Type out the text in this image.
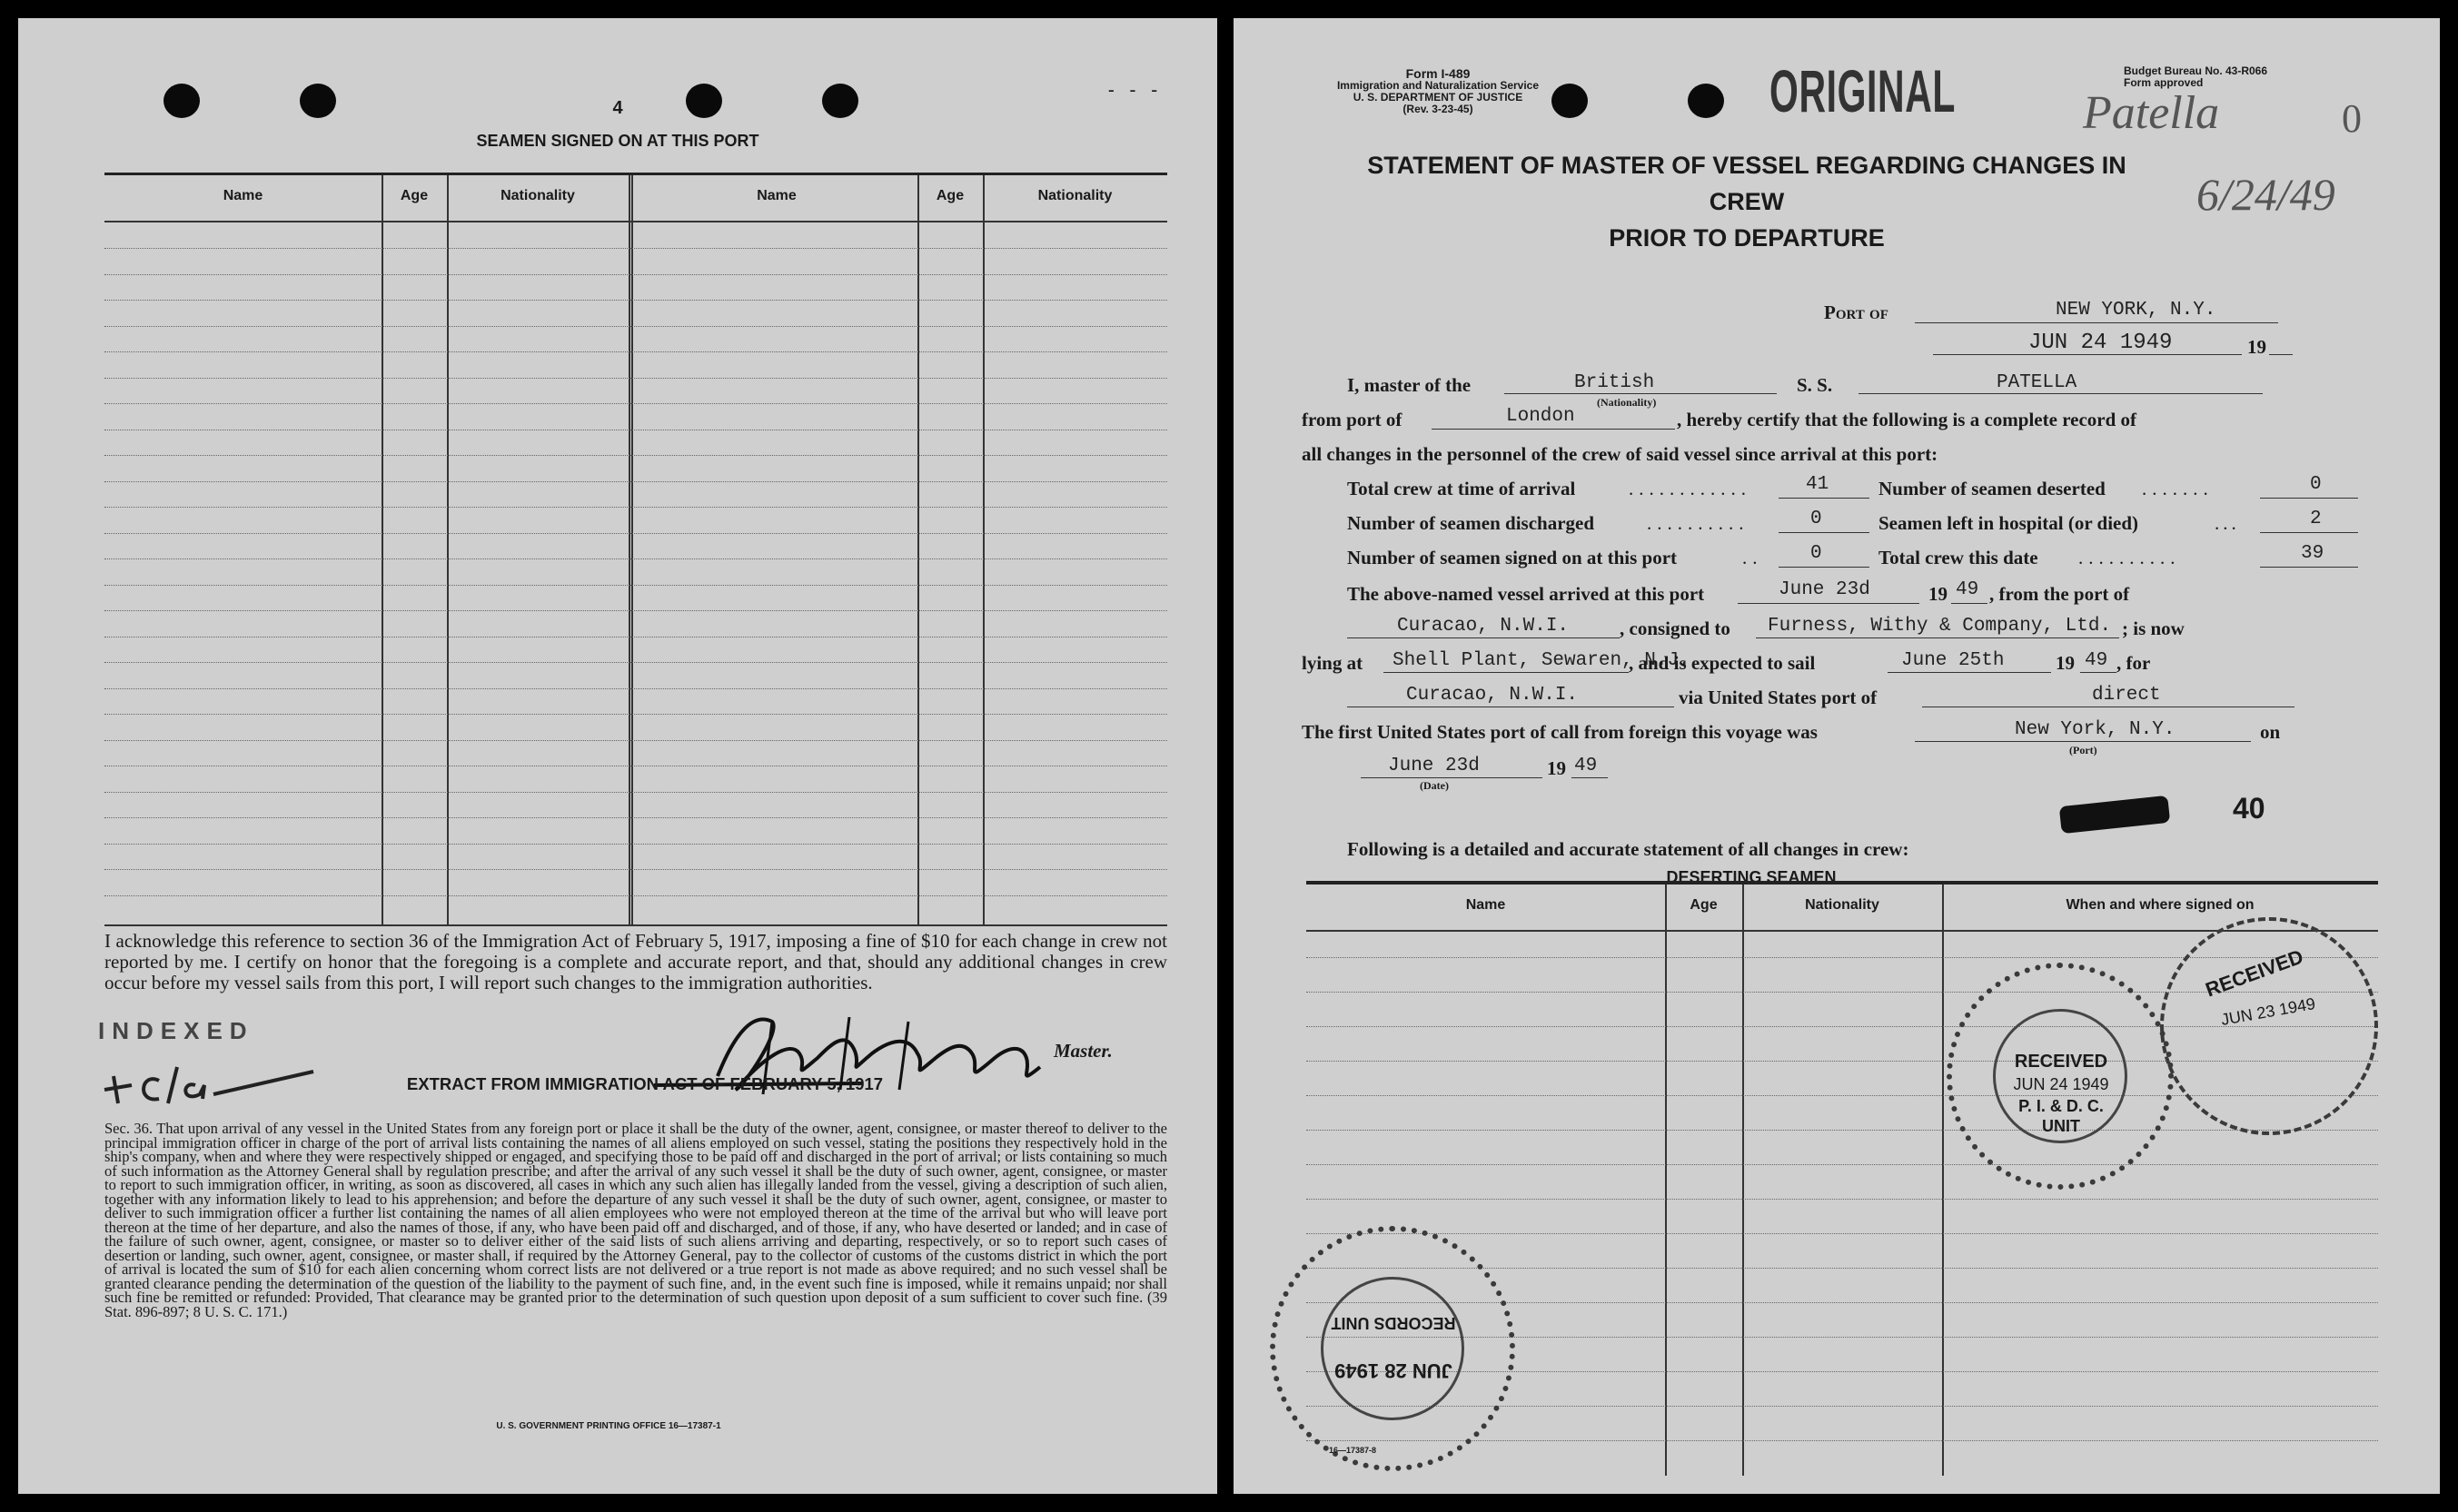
- - -
4
SEAMEN SIGNED ON AT THIS PORT
Name	Age	Nationality	Name	Age	Nationality
I acknowledge this reference to section 36 of the Immigration Act of February 5, 1917, imposing a fine of $10 for each change in crew not reported by me. I certify on honor that the foregoing is a complete and accurate report, and that, should any additional changes in crew occur before my vessel sails from this port, I will report such changes to the immigration authorities.
Master.
INDEXED
EXTRACT FROM IMMIGRATION ACT OF FEBRUARY 5, 1917
Sec. 36. That upon arrival of any vessel in the United States from any foreign port or place it shall be the duty of the owner, agent, consignee, or master thereof to deliver to the principal immigration officer in charge of the port of arrival lists containing the names of all aliens employed on such vessel, stating the positions they respectively hold in the ship's company, when and where they were respectively shipped or engaged, and specifying those to be paid off and discharged in the port of arrival; or lists containing so much of such information as the Attorney General shall by regulation prescribe; and after the arrival of any such vessel it shall be the duty of such owner, agent, consignee, or master to report to such immigration officer, in writing, as soon as discovered, all cases in which any such alien has illegally landed from the vessel, giving a description of such alien, together with any information likely to lead to his apprehension; and before the departure of any such vessel it shall be the duty of such owner, agent, consignee, or master to deliver to such immigration officer a further list containing the names of all alien employees who were not employed thereon at the time of the arrival but who will leave port thereon at the time of her departure, and also the names of those, if any, who have been paid off and discharged, and of those, if any, who have deserted or landed; and in case of the failure of such owner, agent, consignee, or master so to deliver either of the said lists of such aliens arriving and departing, respectively, or so to report such cases of desertion or landing, such owner, agent, consignee, or master shall, if required by the Attorney General, pay to the collector of customs of the customs district in which the port of arrival is located the sum of $10 for each alien concerning whom correct lists are not delivered or a true report is not made as above required; and no such vessel shall be granted clearance pending the determination of the question of the liability to the payment of such fine, and, in the event such fine is imposed, while it remains unpaid; nor shall such fine be remitted or refunded: Provided, That clearance may be granted prior to the determination of such question upon deposit of a sum sufficient to cover such fine. (39 Stat. 896-897; 8 U. S. C. 171.)
U. S. GOVERNMENT PRINTING OFFICE 16—17387-1
Form I-489
Immigration and Naturalization Service
U. S. DEPARTMENT OF JUSTICE
(Rev. 3-23-45)	ORIGINAL	Budget Bureau No. 43-R066
Form approved
Patella	0
6/24/49
STATEMENT OF MASTER OF VESSEL REGARDING CHANGES IN CREW
PRIOR TO DEPARTURE
Port of	NEW YORK, N.Y.
JUN 24 1949	19
I, master of the	British
(Nationality)
S. S.	PATELLA
from port of	London	, hereby certify that the following is a complete record of
all changes in the personnel of the crew of said vessel since arrival at this port:
Total crew at time of arrival	............	41	Number of seamen deserted .......	0
Number of seamen discharged	..........	0	Seamen left in hospital (or died)	...	2
Number of seamen signed on at this port	..	0	Total crew this date ..........	39
The above-named vessel arrived at this port	June 23d	19 49 , from the port of
Curacao, N.W.I.	, consigned to Furness, Withy & Company, Ltd. ; is now
lying at Shell Plant, Sewaren, N.J.
, and is expected to sail	June 25th	19 49 , for
Curacao, N.W.I.	via United States port of	direct
The first United States port of call from foreign this voyage was	New York, N.Y.
(Port)
on
June 23d
(Date)
19 49
40
Following is a detailed and accurate statement of all changes in crew:
DESERTING SEAMEN
Name	Age	Nationality	When and where signed on
RECEIVED
JUN 23 1949
RECEIVED
JUN 24 1949
P. I. & D. C.
UNIT
RECORDS UNIT
JUN 28 1949
16—17387-8
